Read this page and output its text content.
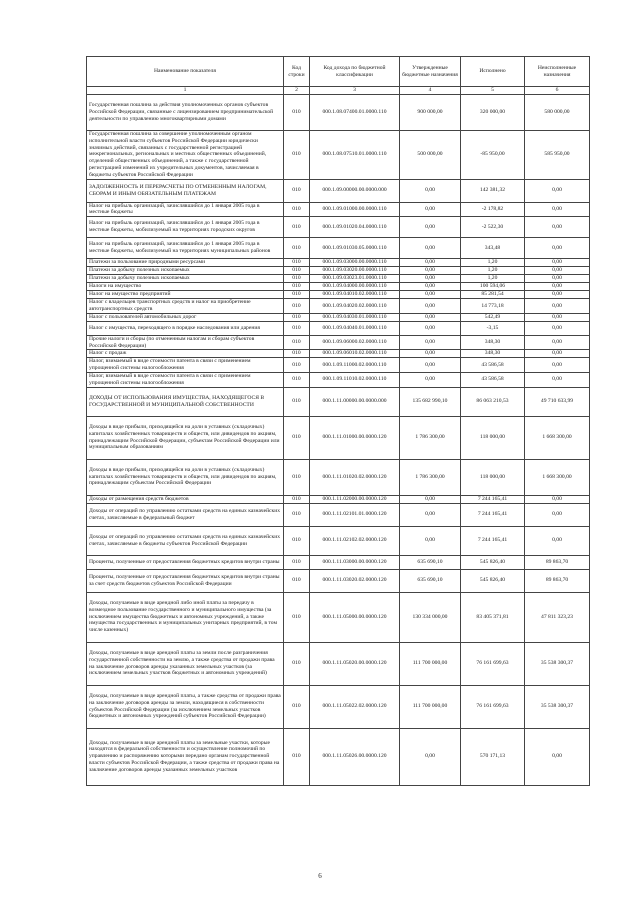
Наименование показателя	Код строки	Код дохода по бюджетной классификации	Утвержденные бюджетные назначения	Исполнено	Неисполненные назначения
1	2	3	4	5	6
Государственная пошлина за действия уполномоченных органов субъектов Российской Федерации, связанные с лицензированием предпринимательской деятельности по управлению многоквартирными домами	010	000.1.08.07400.01.0000.110	900 000,00	320 000,00	580 000,00
Государственная пошлина за совершение уполномоченным органом исполнительной власти субъектов Российской Федерации юридически значимых действий, связанных с государственной регистрацией межрегиональных, региональных и местных общественных объединений, отделений общественных объединений, а также с государственной регистрацией изменений их учредительных документов, зачисляемая в бюджеты субъектов Российской Федерации	010	000.1.08.07510.01.0000.110	500 000,00	-85 950,00	585 950,00
ЗАДОЛЖЕННОСТЬ И ПЕРЕРАСЧЕТЫ ПО ОТМЕНЕННЫМ НАЛОГАМ, СБОРАМ И ИНЫМ ОБЯЗАТЕЛЬНЫМ ПЛАТЕЖАМ	010	000.1.09.00000.00.0000.000	0,00	142 381,32	0,00
Налог на прибыль организаций, зачислявшийся до 1 января 2005 года в местные бюджеты	010	000.1.09.01000.00.0000.110	0,00	-2 178,82	0,00
Налог на прибыль организаций, зачислявшийся до 1 января 2005 года в местные бюджеты, мобилизуемый на территориях городских округов	010	000.1.09.01020.04.0000.110	0,00	-2 522,30	0,00
Налог на прибыль организаций, зачислявшийся до 1 января 2005 года в местные бюджеты, мобилизуемый на территориях муниципальных районов	010	000.1.09.01030.05.0000.110	0,00	343,48	0,00
Платежи за пользование природными ресурсами	010	000.1.09.03000.00.0000.110	0,00	1,20	0,00
Платежи за добычу полезных ископаемых	010	000.1.09.03020.00.0000.110	0,00	1,20	0,00
Платежи за добычу полезных ископаемых	010	000.1.09.03023.01.0000.110	0,00	1,20	0,00
Налоги на имущество	010	000.1.09.04000.00.0000.110	0,00	100 594,06	0,00
Налог на имущество предприятий	010	000.1.09.04010.02.0000.110	0,00	85 281,54	0,00
Налог с владельцев транспортных средств и налог на приобретение автотранспортных средств	010	000.1.09.04020.02.0000.110	0,00	14 773,18	0,00
Налог с пользователей автомобильных дорог	010	000.1.09.04030.01.0000.110	0,00	542,49	0,00
Налог с имущества, переходящего в порядке наследования или дарения	010	000.1.09.04040.01.0000.110	0,00	-3,15	0,00
Прочие налоги и сборы (по отмененным налогам и сборам субъектов Российской Федерации)	010	000.1.09.06000.02.0000.110	0,00	348,30	0,00
Налог с продаж	010	000.1.09.06010.02.0000.110	0,00	348,30	0,00
Налог, взимаемый в виде стоимости патента в связи с применением упрощенной системы налогообложения	010	000.1.09.11000.02.0000.110	0,00	43 586,58	0,00
Налог, взимаемый в виде стоимости патента в связи с применением упрощенной системы налогообложения	010	000.1.09.11010.02.0000.110	0,00	43 586,58	0,00
ДОХОДЫ ОТ ИСПОЛЬЗОВАНИЯ ИМУЩЕСТВА, НАХОДЯЩЕГОСЯ В ГОСУДАРСТВЕННОЙ И МУНИЦИПАЛЬНОЙ СОБСТВЕННОСТИ	010	000.1.11.00000.00.0000.000	135 682 990,10	86 063 210,53	49 710 633,99
Доходы в виде прибыли, приходящейся на доли в уставных (складочных) капиталах хозяйственных товариществ и обществ, или дивидендов по акциям, принадлежащим Российской Федерации, субъектам Российской Федерации или муниципальным образованиям	010	000.1.11.01000.00.0000.120	1 786 300,00	118 000,00	1 668 300,00
Доходы в виде прибыли, приходящейся на доли в уставных (складочных) капиталах хозяйственных товариществ и обществ, или дивидендов по акциям, принадлежащим субъектам Российской Федерации	010	000.1.11.01020.02.0000.120	1 786 300,00	118 000,00	1 668 300,00
Доходы от размещения средств бюджетов	010	000.1.11.02000.00.0000.120	0,00	7 244 165,41	0,00
Доходы от операций по управлению остатками средств на единых казначейских счетах, зачисляемые в федеральный бюджет	010	000.1.11.02101.01.0000.120	0,00	7 244 165,41	0,00
Доходы от операций по управлению остатками средств на единых казначейских счетах, зачисляемые в бюджеты субъектов Российской Федерации	010	000.1.11.02102.02.0000.120	0,00	7 244 165,41	0,00
Проценты, полученные от предоставления бюджетных кредитов внутри страны	010	000.1.11.03000.00.0000.120	635 690,10	545 826,40	89 863,70
Проценты, полученные от предоставления бюджетных кредитов внутри страны за счет средств бюджетов субъектов Российской Федерации	010	000.1.11.03020.02.0000.120	635 690,10	545 826,40	89 863,70
Доходы, получаемые в виде арендной либо иной платы за передачу в возмездное пользование государственного и муниципального имущества (за исключением имущества бюджетных и автономных учреждений, а также имущества государственных и муниципальных унитарных предприятий, в том числе казенных)	010	000.1.11.05000.00.0000.120	130 334 000,00	83 405 371,81	47 811 323,23
Доходы, получаемые в виде арендной платы за земли после разграничения государственной собственности на землю, а также средства от продажи права на заключение договоров аренды указанных земельных участков (за исключением земельных участков бюджетных и автономных учреждений)	010	000.1.11.05020.00.0000.120	111 700 000,00	76 161 699,63	35 538 300,37
Доходы, получаемые в виде арендной платы, а также средства от продажи права на заключение договоров аренды за земли, находящиеся в собственности субъектов Российской Федерации (за исключением земельных участков бюджетных и автономных учреждений субъектов Российской Федерации)	010	000.1.11.05022.02.0000.120	111 700 000,00	76 161 699,63	35 538 300,37
Доходы, получаемые в виде арендной платы за земельные участки, которые находятся в федеральной собственности и осуществление полномочий по управлению и распоряжению которыми передано органам государственной власти субъектов Российской Федерации, а также средства от продажи права на заключение договоров аренды указанных земельных участков	010	000.1.11.05026.00.0000.120	0,00	570 171,13	0,00
6
